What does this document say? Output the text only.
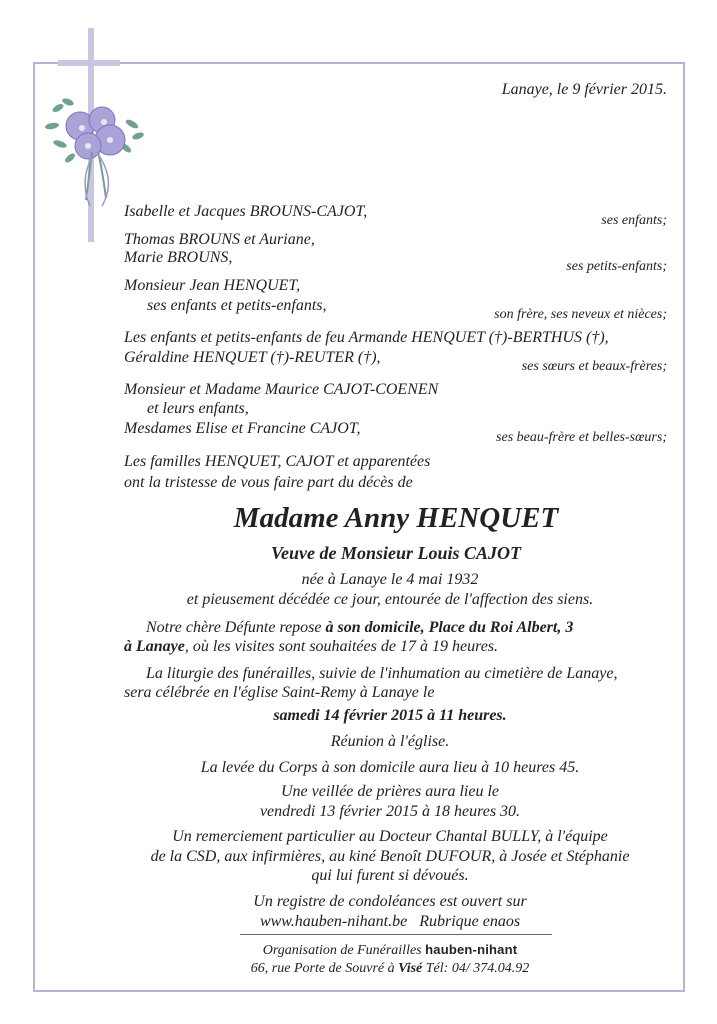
Lanaye, le 9 février 2015.
Isabelle et Jacques BROUNS-CAJOT,
ses enfants;
Thomas BROUNS et Auriane,
Marie BROUNS,
ses petits-enfants;
Monsieur Jean HENQUET,
ses enfants et petits-enfants,
son frère, ses neveux et nièces;
Les enfants et petits-enfants de feu Armande HENQUET (†)-BERTHUS (†),
Géraldine HENQUET (†)-REUTER (†),
ses sœurs et beaux-frères;
Monsieur et Madame Maurice CAJOT-COENEN
et leurs enfants,
Mesdames Elise et Francine CAJOT,
ses beau-frère et belles-sœurs;
Les familles HENQUET, CAJOT et apparentées
ont la tristesse de vous faire part du décès de
Madame Anny HENQUET
Veuve de Monsieur Louis CAJOT
née à Lanaye le 4 mai 1932
et pieusement décédée ce jour, entourée de l'affection des siens.
Notre chère Défunte repose à son domicile, Place du Roi Albert, 3
à Lanaye, où les visites sont souhaitées de 17 à 19 heures.
La liturgie des funérailles, suivie de l'inhumation au cimetière de Lanaye,
sera célébrée en l'église Saint-Remy à Lanaye le
samedi 14 février 2015 à 11 heures.
Réunion à l'église.
La levée du Corps à son domicile aura lieu à 10 heures 45.
Une veillée de prières aura lieu le
vendredi 13 février 2015 à 18 heures 30.
Un remerciement particulier au Docteur Chantal BULLY, à l'équipe
de la CSD, aux infirmières, au kiné Benoît DUFOUR, à Josée et Stéphanie
qui lui furent si dévoués.
Un registre de condoléances est ouvert sur
www.hauben-nihant.be   Rubrique enaos
Organisation de Funérailles hauben-nihant
66, rue Porte de Souvré à Visé Tél: 04/ 374.04.92
